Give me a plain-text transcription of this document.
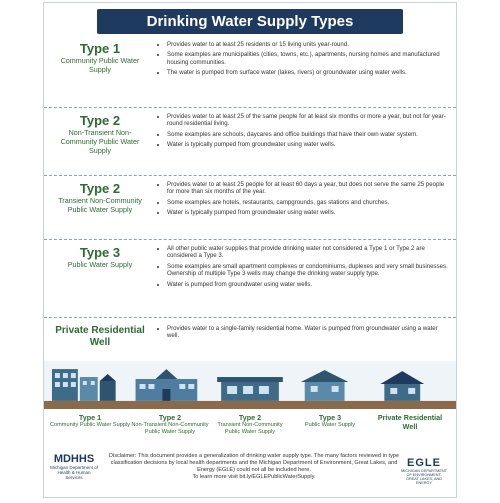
Drinking Water Supply Types
Type 1
Community Public Water Supply
• Provides water to at least 25 residents or 15 living units year-round.
• Some examples are municipalities (cities, towns, etc.), apartments, nursing homes and manufactured housing communities.
• The water is pumped from surface water (lakes, rivers) or groundwater using water wells.
Type 2
Non-Transient Non-Community Public Water Supply
• Provides water to at least 25 of the same people for at least six months or more a year, but not for year-round residential living.
• Some examples are schools, daycares and office buildings that have their own water system.
• Water is typically pumped from groundwater using water wells.
Type 2
Transient Non-Community Public Water Supply
• Provides water to at least 25 people for at least 60 days a year, but does not serve the same 25 people for more than six months of the year.
• Some examples are hotels, restaurants, campgrounds, gas stations and churches.
• Water is typically pumped from groundwater using water wells.
Type 3
Public Water Supply
• All other public water supplies that provide drinking water not considered a Type 1 or Type 2 are considered a Type 3.
• Some examples are small apartment complexes or condominiums, duplexes and very small businesses. Ownership of multiple Type 3 wells may change the drinking water supply type.
• Water is pumped from groundwater using water wells.
Private Residential Well
• Provides water to a single-family residential home. Water is pumped from groundwater using a water well.
Type 1
Community Public Water Supply
Type 2
Non-Transient Non-Community Public Water Supply
Type 2
Transient Non-Community Public Water Supply
Type 3
Public Water Supply
Private Residential Well
MDHHS
Michigan Department of Health & Human Services
Disclaimer: This document provides a generalization of drinking water supply type. The many factors reviewed in type classification decisions by local health departments and the Michigan Department of Environment, Great Lakes, and Energy (EGLE) could not all be included here.
To learn more visit bit.ly/EGLEPublicWaterSupply.
EGLE
MICHIGAN DEPARTMENT OF ENVIRONMENT, GREAT LAKES, AND ENERGY
